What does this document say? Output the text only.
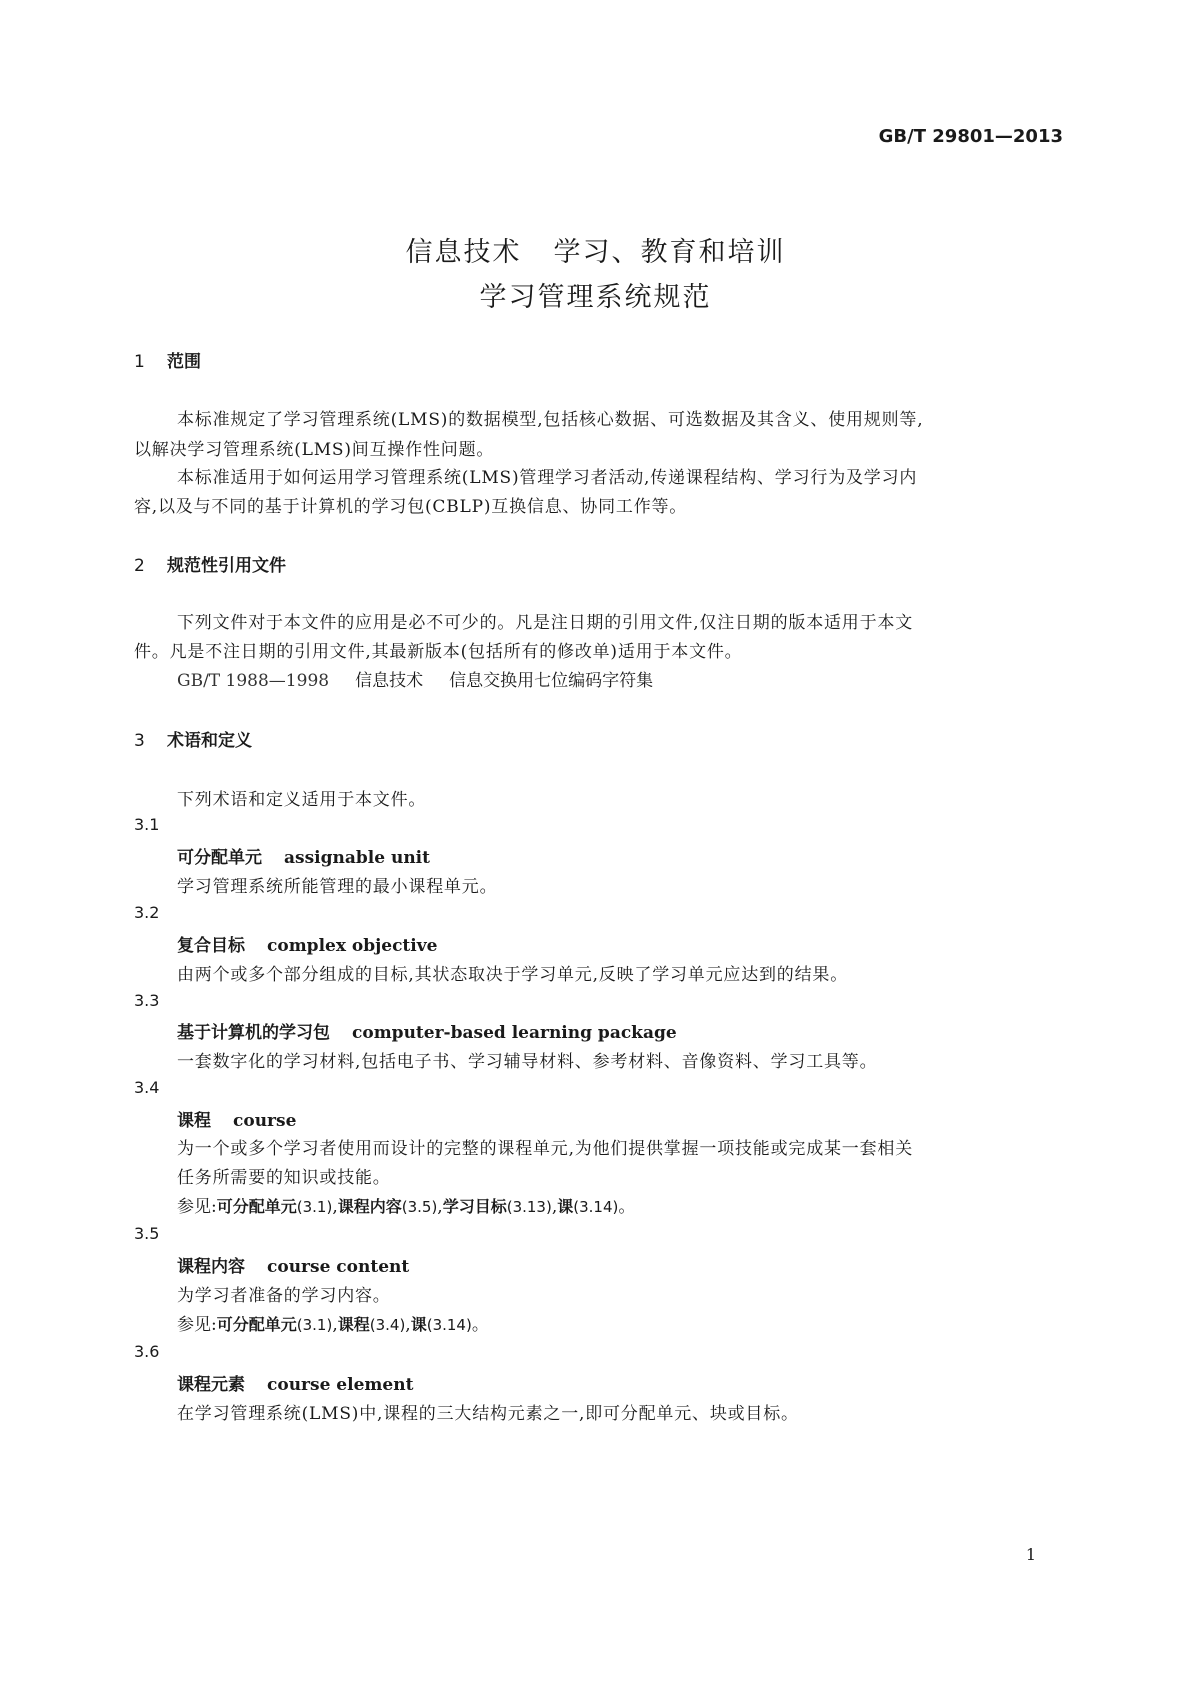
GB/T 29801—2013
信息技术 学习、教育和培训
学习管理系统规范
1 范围
本标准规定了学习管理系统(LMS)的数据模型,包括核心数据、可选数据及其含义、使用规则等,
以解决学习管理系统(LMS)间互操作性问题。
本标准适用于如何运用学习管理系统(LMS)管理学习者活动,传递课程结构、学习行为及学习内
容,以及与不同的基于计算机的学习包(CBLP)互换信息、协同工作等。
2 规范性引用文件
下列文件对于本文件的应用是必不可少的。凡是注日期的引用文件,仅注日期的版本适用于本文
件。凡是不注日期的引用文件,其最新版本(包括所有的修改单)适用于本文件。
GB/T 1988—1998 信息技术 信息交换用七位编码字符集
3 术语和定义
下列术语和定义适用于本文件。
3.1
可分配单元 assignable unit
学习管理系统所能管理的最小课程单元。
3.2
复合目标 complex objective
由两个或多个部分组成的目标,其状态取决于学习单元,反映了学习单元应达到的结果。
3.3
基于计算机的学习包 computer-based learning package
一套数字化的学习材料,包括电子书、学习辅导材料、参考材料、音像资料、学习工具等。
3.4
课程 course
为一个或多个学习者使用而设计的完整的课程单元,为他们提供掌握一项技能或完成某一套相关
任务所需要的知识或技能。
参见:可分配单元(3.1),课程内容(3.5),学习目标(3.13),课(3.14)。
3.5
课程内容 course content
为学习者准备的学习内容。
参见:可分配单元(3.1),课程(3.4),课(3.14)。
3.6
课程元素 course element
在学习管理系统(LMS)中,课程的三大结构元素之一,即可分配单元、块或目标。
1
